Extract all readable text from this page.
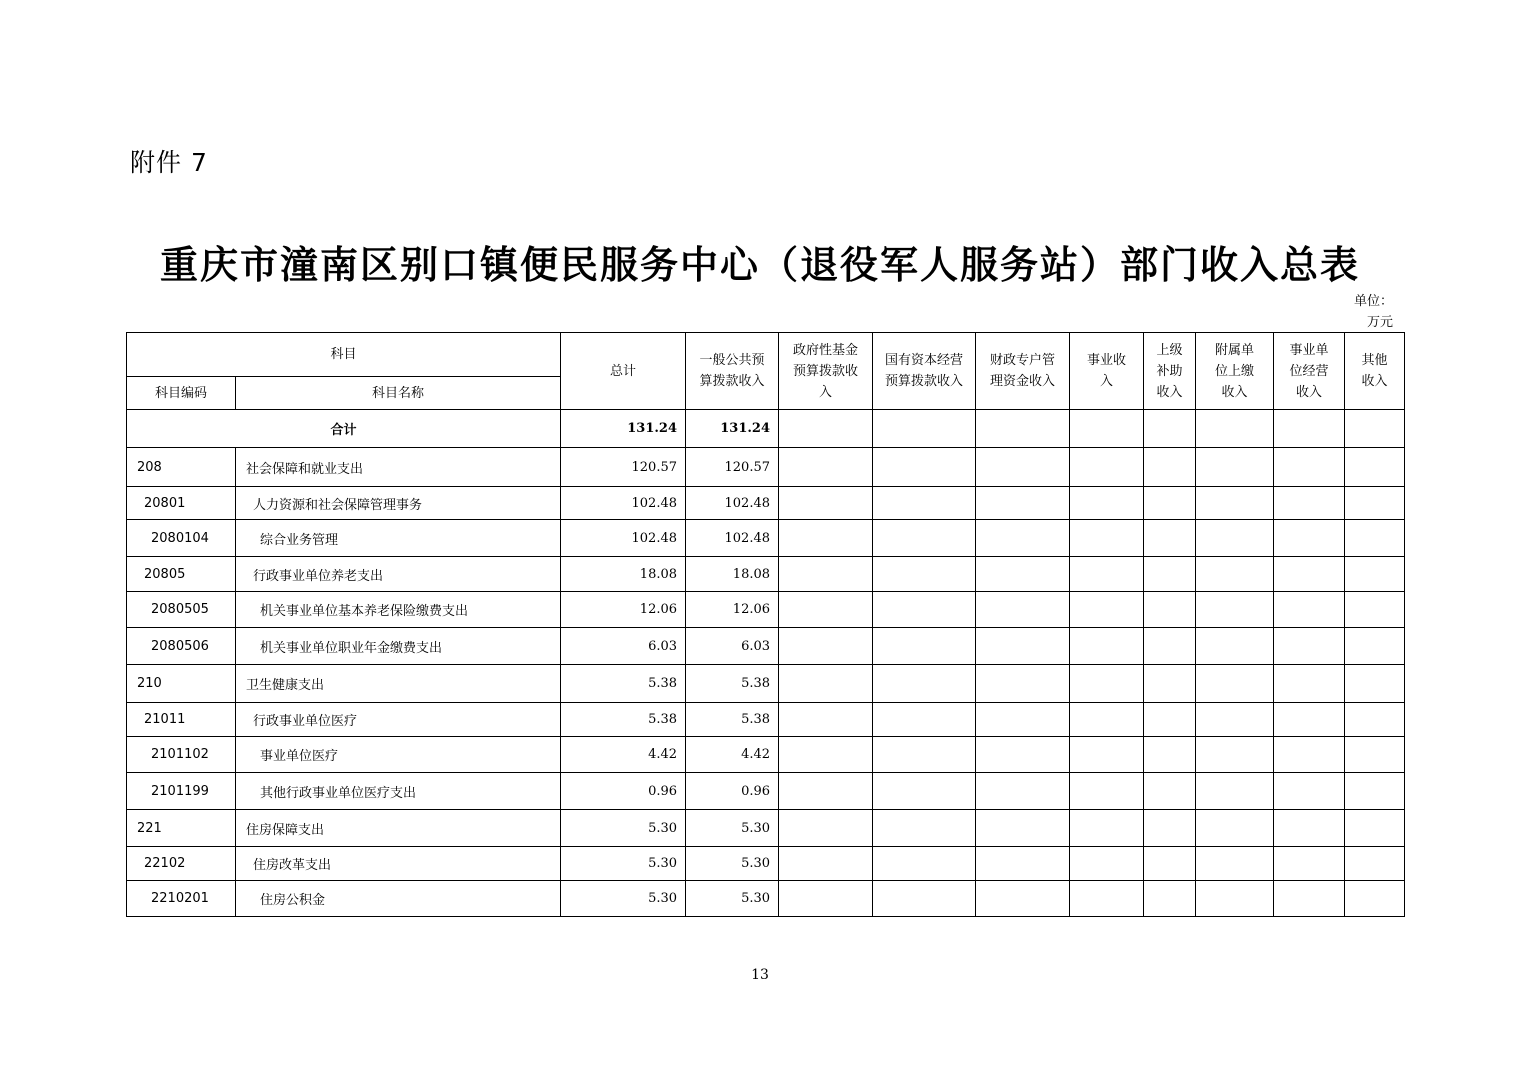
附件 7
重庆市潼南区别口镇便民服务中心（退役军人服务站）部门收入总表
单位：
万元
科目		总计	一般公共预算拨款收入	政府性基金预算拨款收入	国有资本经营预算拨款收入	财政专户管理资金收入	事业收入	上级补助收入	附属单位上缴收入	事业单位经营收入	其他收入
科目编码	科目名称										
合计		131.24	131.24								
208	社会保障和就业支出	120.57	120.57								
20801	人力资源和社会保障管理事务	102.48	102.48								
2080104	综合业务管理	102.48	102.48								
20805	行政事业单位养老支出	18.08	18.08								
2080505	机关事业单位基本养老保险缴费支出	12.06	12.06								
2080506	机关事业单位职业年金缴费支出	6.03	6.03								
210	卫生健康支出	5.38	5.38								
21011	行政事业单位医疗	5.38	5.38								
2101102	事业单位医疗	4.42	4.42								
2101199	其他行政事业单位医疗支出	0.96	0.96								
221	住房保障支出	5.30	5.30								
22102	住房改革支出	5.30	5.30								
2210201	住房公积金	5.30	5.30								
13
